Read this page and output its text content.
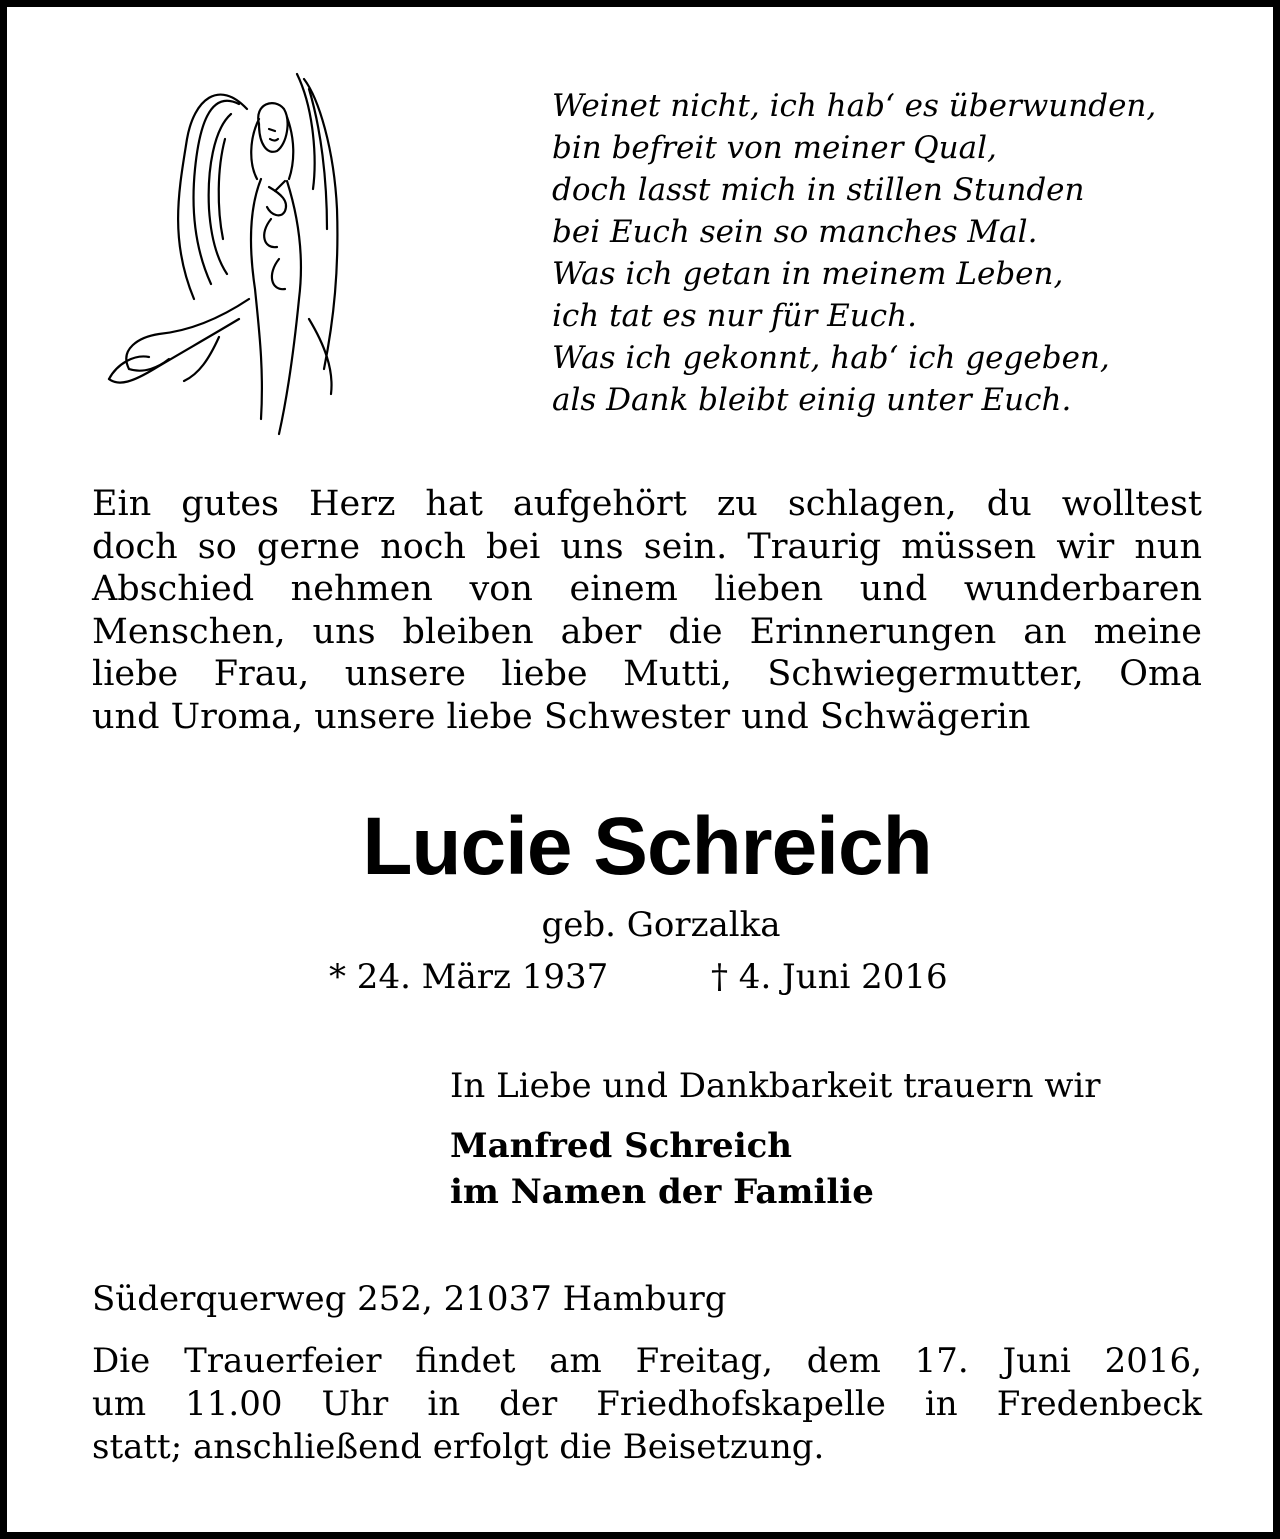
Weinet nicht, ich hab‘ es überwunden,
bin befreit von meiner Qual,
doch lasst mich in stillen Stunden
bei Euch sein so manches Mal.
Was ich getan in meinem Leben,
ich tat es nur für Euch.
Was ich gekonnt, hab‘ ich gegeben,
als Dank bleibt einig unter Euch.
Ein gutes Herz hat aufgehört zu schlagen, du wolltest
doch so gerne noch bei uns sein. Traurig müssen wir nun
Abschied nehmen von einem lieben und wunderbaren
Menschen, uns bleiben aber die Erinnerungen an meine
liebe Frau, unsere liebe Mutti, Schwiegermutter, Oma
und Uroma, unsere liebe Schwester und Schwägerin
Lucie Schreich
geb. Gorzalka
* 24. März 1937	† 4. Juni 2016
In Liebe und Dankbarkeit trauern wir
Manfred Schreich
im Namen der Familie
Süderquerweg 252, 21037 Hamburg
Die Trauerfeier findet am Freitag, dem 17. Juni 2016,
um 11.00 Uhr in der Friedhofskapelle in Fredenbeck
statt; anschließend erfolgt die Beisetzung.
